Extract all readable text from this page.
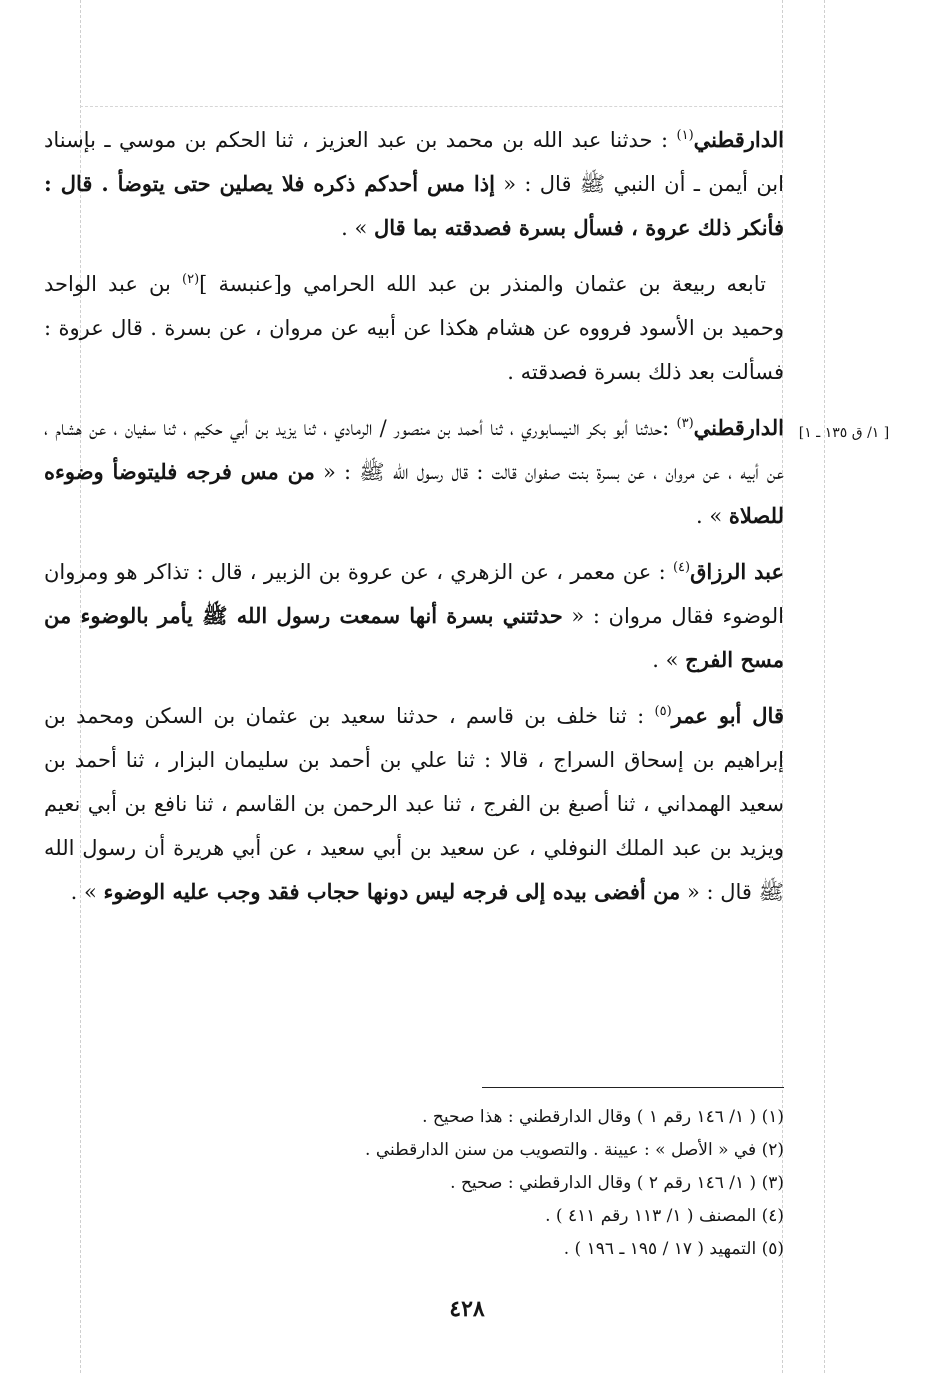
[ ١/ ق ١٣٥ ـ ١]

الدارقطني$^{(١)}$ : حدثنا عبد الله بن محمد بن عبد العزيز ، ثنا الحكم بن موسي ـ بإسناد ابن أيمن ـ أن النبي ﷺ قال : « إذا مس أحدكم ذكره فلا يصلين حتى يتوضأ . قال : فأنكر ذلك عروة ، فسأل بسرة فصدقته بما قال » .

تابعه ربيعة بن عثمان والمنذر بن عبد الله الحرامي و[عنبسة ]$^{(٢)}$ بن عبد الواحد وحميد بن الأسود فرووه عن هشام هكذا عن أبيه عن مروان ، عن بسرة . قال عروة : فسألت بعد ذلك بسرة فصدقته .

الدارقطني$^{(٣)}$ :حدثنا أبو بكر النيسابوري ، ثنا أحمد بن منصور / الرمادي ، ثنا يزيد بن أبي حكيم ، ثنا سفيان ، عن هشام ، عن أبيه ، عن مروان ، عن بسرة بنت صفوان قالت : قال رسول الله ﷺ : « من مس فرجه فليتوضأ وضوءه للصلاة » .

عبد الرزاق$^{(٤)}$ : عن معمر ، عن الزهري ، عن عروة بن الزبير ، قال : تذاكر هو ومروان الوضوء فقال مروان : « حدثتني بسرة أنها سمعت رسول الله ﷺ يأمر بالوضوء من مسح الفرج » .

قال أبو عمر$^{(٥)}$ : ثنا خلف بن قاسم ، حدثنا سعيد بن عثمان بن السكن ومحمد بن إبراهيم بن إسحاق السراج ، قالا : ثنا علي بن أحمد بن سليمان البزار ، ثنا أحمد بن سعيد الهمداني ، ثنا أصبغ بن الفرج ، ثنا عبد الرحمن بن القاسم ، ثنا نافع بن أبي نعيم ويزيد بن عبد الملك النوفلي ، عن سعيد بن أبي سعيد ، عن أبي هريرة أن رسول الله ﷺ قال : « من أفضى بيده إلى فرجه ليس دونها حجاب فقد وجب عليه الوضوء » .

(١) ( ١/ ١٤٦ رقم ١ ) وقال الدارقطني : هذا صحيح .

(٢) في « الأصل » : عيينة . والتصويب من سنن الدارقطني .

(٣) ( ١/ ١٤٦ رقم ٢ ) وقال الدارقطني : صحيح .

(٤) المصنف ( ١/ ١١٣ رقم ٤١١ ) .

(٥) التمهيد ( ١٧ / ١٩٥ ـ ١٩٦ ) .

٤٢٨
